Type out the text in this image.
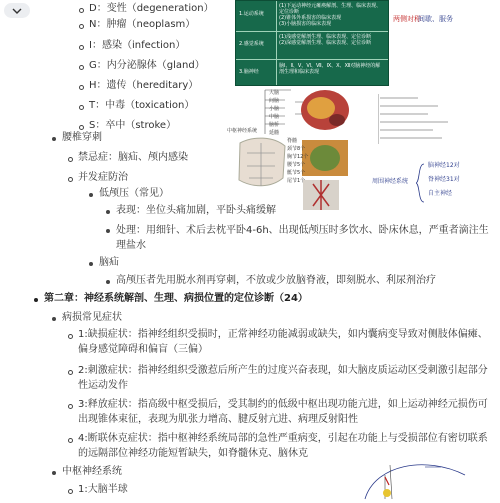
D：变性（degeneration）
N：肿瘤（neoplasm）
I：感染（infection）
G：内分泌腺体（gland）
H：遗传（hereditary）
T：中毒（toxication）
S：卒中（stroke）
腰椎穿刺
禁忌症：脑疝、颅内感染
并发症防治
低颅压（常见）
表现：坐位头痛加剧，平卧头痛缓解
处理：用细针、术后去枕平卧4-6h、出现低颅压时多饮水、卧床休息，严重者滴注生理盐水
脑疝
高颅压者先用脱水剂再穿刺，不放或少放脑脊液，即刻脱水、利尿剂治疗
第二章：神经系统解剖、生理、病损位置的定位诊断（24）
病损常见症状
1:缺损症状：指神经组织受损时，正常神经功能减弱或缺失，如内囊病变导致对侧肢体偏瘫、偏身感觉障碍和偏盲（三偏）
2:刺激症状：指神经组织受激惹后所产生的过度兴奋表现，如大脑皮质运动区受刺激引起部分性运动发作
3:释放症状：指高级中枢受损后，受其制约的低级中枢出现功能亢进，如上运动神经元损伤可出现锥体束征，表现为肌张力增高、腱反射亢进、病理反射阳性
4:断联休克症状：指中枢神经系统局部的急性严重病变，引起在功能上与受损部位有密切联系的远隔部位神经功能短暂缺失，如脊髓休克、脑休克
中枢神经系统
1:大脑半球
1.运动系统
(1)下运动神经元瘫痪解剖、生理、临床表现、定位诊断
(2)锥体外系损害的临床表现
(3)小脑损害的临床表现
2.感觉系统
(1)浅感觉解剖生理、临床表现、定位诊断
(2)深感觉解剖生理、临床表现、定位诊断
3.脑神经
脑Ⅰ、Ⅱ、Ⅴ、Ⅵ、Ⅶ、Ⅸ、Ⅹ、Ⅻ对脑神经的解剖生理和临床表现
两侧对称
间歇、服务
中枢神经系统
大脑
间脑
小脑
中脑
脑桥
延髓
脊髓
颈节8个
胸节12个
腰节5个
骶节5个
尾节1个	周围神经系统
脑神经12对
脊神经31对
自主神经
